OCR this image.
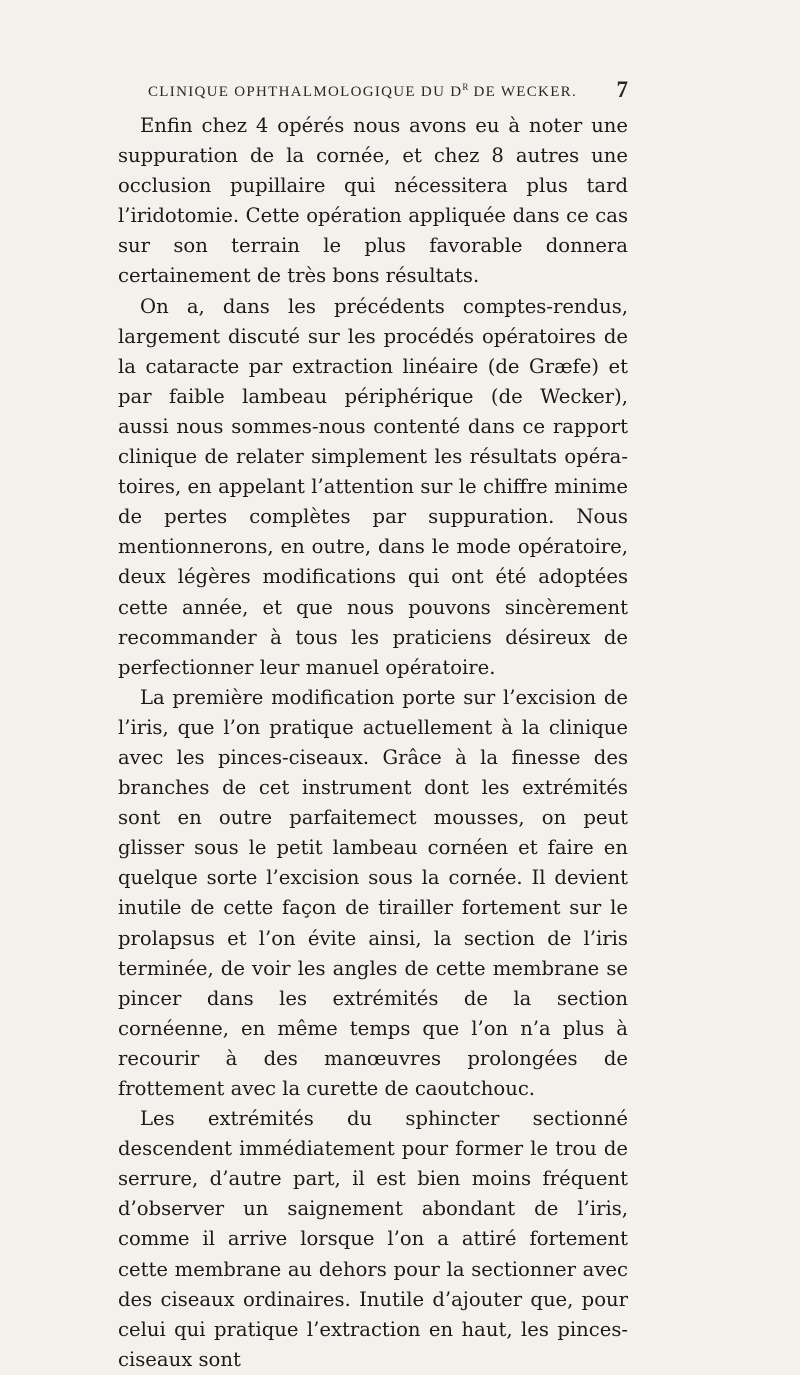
CLINIQUE OPHTHALMOLOGIQUE DU $D^R$ DE WECKER. 7

Enfin chez 4 opérés nous avons eu à noter une suppuration de la cornée, et chez 8 autres une occlusion pupillaire qui nécessitera plus tard l’iridotomie. Cette opération appliquée dans ce cas sur son terrain le plus favorable donnera certainement de très bons résultats.

On a, dans les précédents comptes-rendus, largement discuté sur les procédés opératoires de la cataracte par extraction linéaire (de Græfe) et par faible lambeau périphérique (de Wecker), aussi nous sommes-nous contenté dans ce rapport clinique de relater simplement les résultats opératoires, en appelant l’attention sur le chiffre minime de pertes complètes par suppuration. Nous mentionnerons, en outre, dans le mode opératoire, deux légères modifications qui ont été adoptées cette année, et que nous pouvons sincèrement recommander à tous les praticiens désireux de perfectionner leur manuel opératoire.

La première modification porte sur l’excision de l’iris, que l’on pratique actuellement à la clinique avec les pinces-ciseaux. Grâce à la finesse des branches de cet instrument dont les extrémités sont en outre parfaitemect mousses, on peut glisser sous le petit lambeau cornéen et faire en quelque sorte l’excision sous la cornée. Il devient inutile de cette façon de tirailler fortement sur le prolapsus et l’on évite ainsi, la section de l’iris terminée, de voir les angles de cette membrane se pincer dans les extrémités de la section cornéenne, en même temps que l’on n’a plus à recourir à des manœuvres prolongées de frottement avec la curette de caoutchouc.

Les extrémités du sphincter sectionné descendent immédiatement pour former le trou de serrure, d’autre part, il est bien moins fréquent d’observer un saignement abondant de l’iris, comme il arrive lorsque l’on a attiré fortement cette membrane au dehors pour la sectionner avec des ciseaux ordinaires. Inutile d’ajouter que, pour celui qui pratique l’extraction en haut, les pinces-ciseaux sont
